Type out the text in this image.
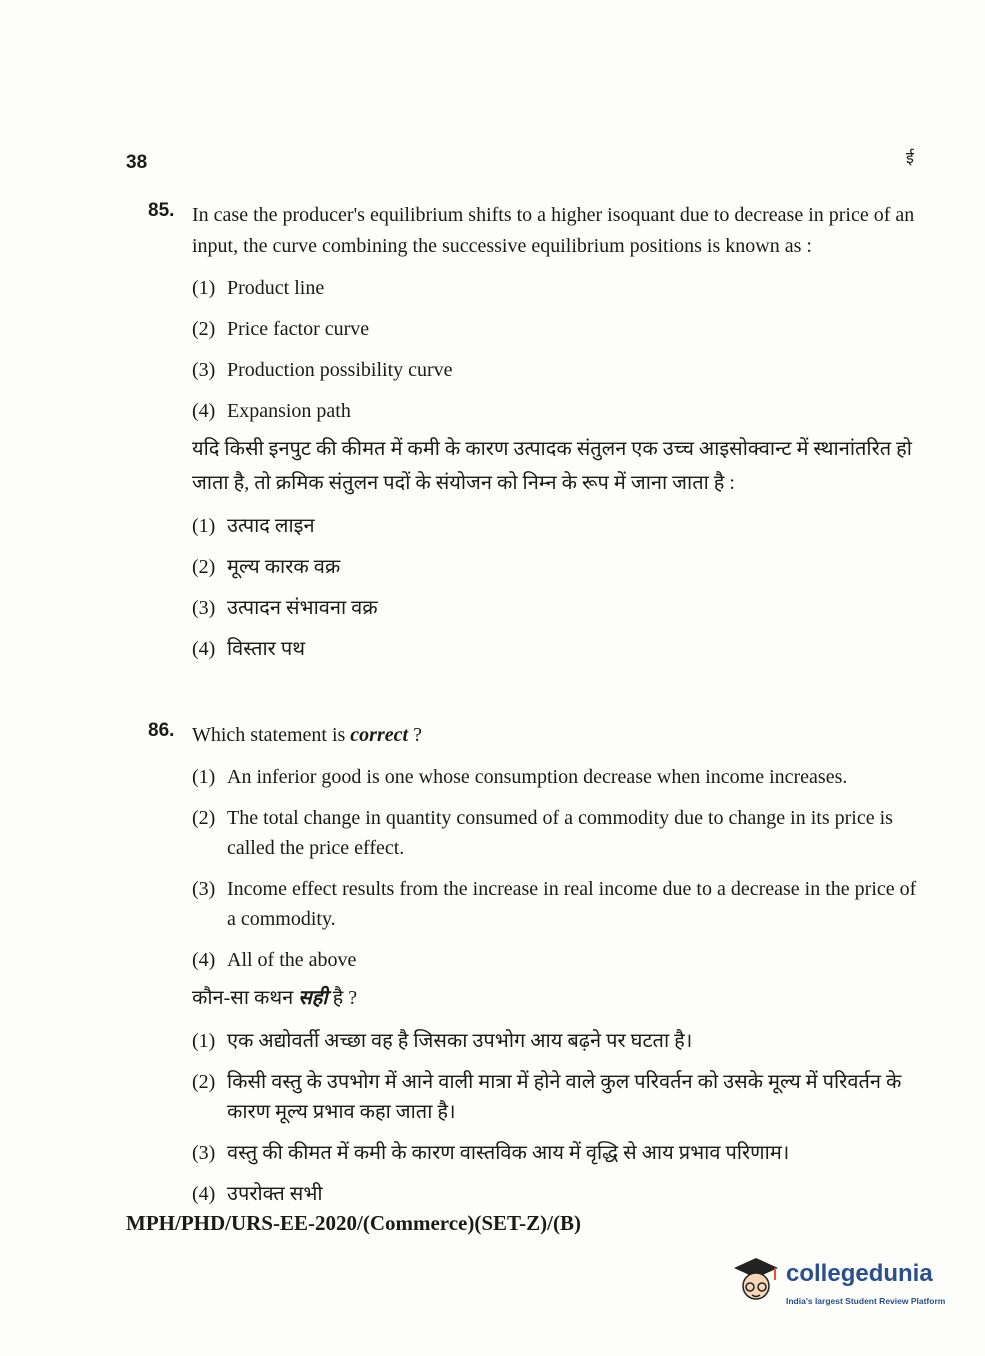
38	ई
85. In case the producer's equilibrium shifts to a higher isoquant due to decrease in price of an input, the curve combining the successive equilibrium positions is known as :
(1) Product line
(2) Price factor curve
(3) Production possibility curve
(4) Expansion path
यदि किसी इनपुट की कीमत में कमी के कारण उत्पादक संतुलन एक उच्च आइसोक्वान्ट में स्थानांतरित हो जाता है, तो क्रमिक संतुलन पदों के संयोजन को निम्न के रूप में जाना जाता है :
(1) उत्पाद लाइन
(2) मूल्य कारक वक्र
(3) उत्पादन संभावना वक्र
(4) विस्तार पथ
86. Which statement is correct ?
(1) An inferior good is one whose consumption decrease when income increases.
(2) The total change in quantity consumed of a commodity due to change in its price is called the price effect.
(3) Income effect results from the increase in real income due to a decrease in the price of a commodity.
(4) All of the above
कौन-सा कथन सही है ?
(1) एक अद्योवर्ती अच्छा वह है जिसका उपभोग आय बढ़ने पर घटता है।
(2) किसी वस्तु के उपभोग में आने वाली मात्रा में होने वाले कुल परिवर्तन को उसके मूल्य में परिवर्तन के कारण मूल्य प्रभाव कहा जाता है।
(3) वस्तु की कीमत में कमी के कारण वास्तविक आय में वृद्धि से आय प्रभाव परिणाम।
(4) उपरोक्त सभी
MPH/PHD/URS-EE-2020/(Commerce)(SET-Z)/(B)
collegedunia
India's largest Student Review Platform
